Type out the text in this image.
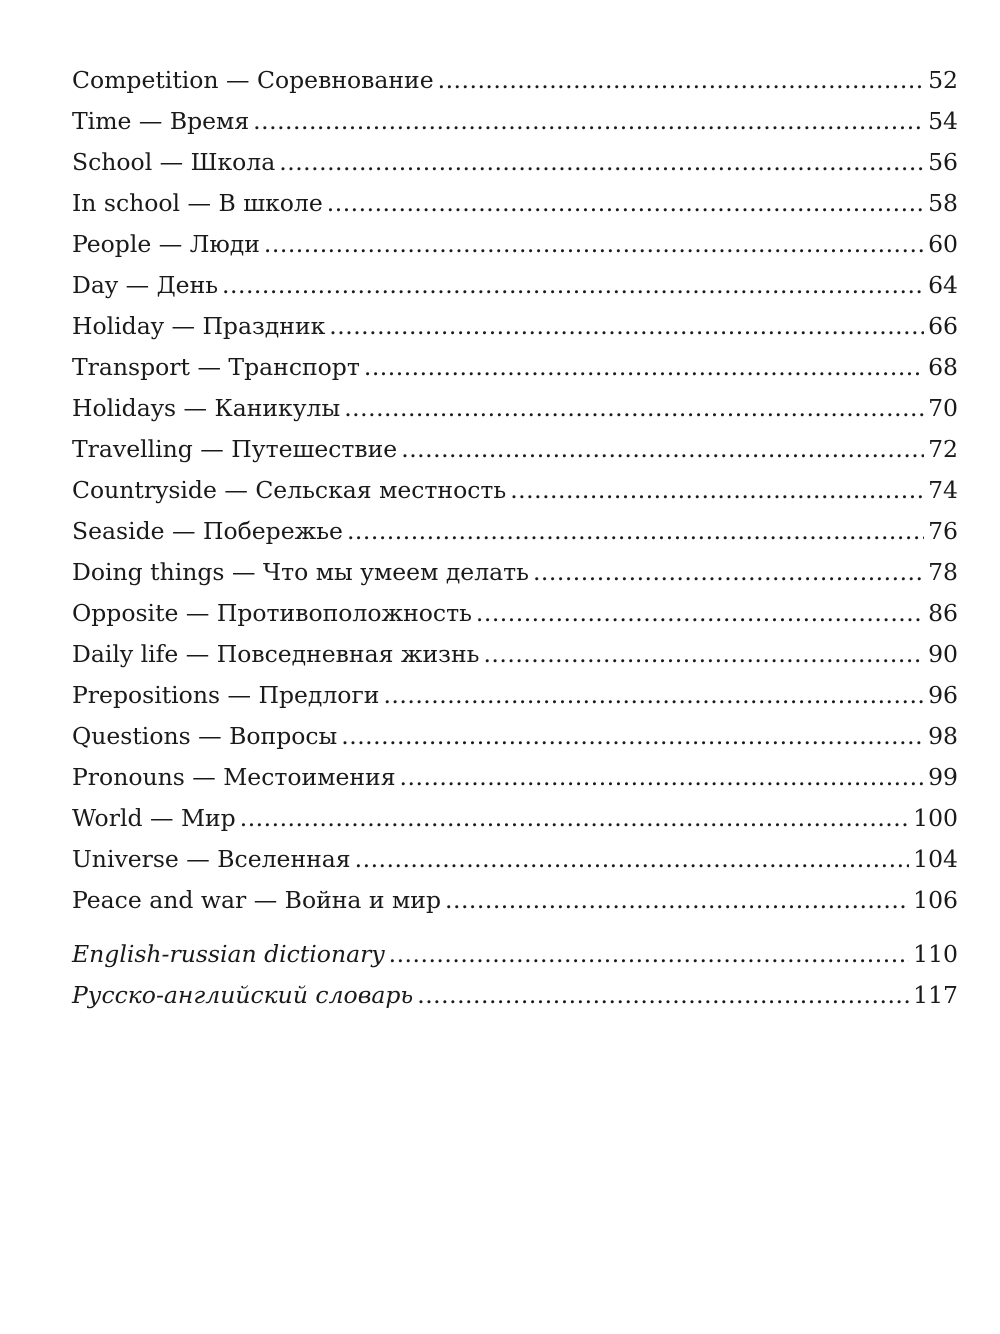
Competition — Соревнование .....	52
Time — Время .....	54
School — Школа .....	56
In school — В школе .....	58
People — Люди .....	60
Day — День .....	64
Holiday — Праздник .....	66
Transport — Транспорт .....	68
Holidays — Каникулы .....	70
Travelling — Путешествие .....	72
Countryside — Сельская местность .....	74
Seaside — Побережье .....	76
Doing things — Что мы умеем делать .....	78
Opposite — Противоположность .....	86
Daily life — Повседневная жизнь .....	90
Prepositions — Предлоги .....	96
Questions — Вопросы .....	98
Pronouns — Местоимения .....	99
World — Мир .....	100
Universe — Вселенная .....	104
Peace and war — Война и мир .....	106
English-russian dictionary .....	110
Русско-английский словарь .....	117
